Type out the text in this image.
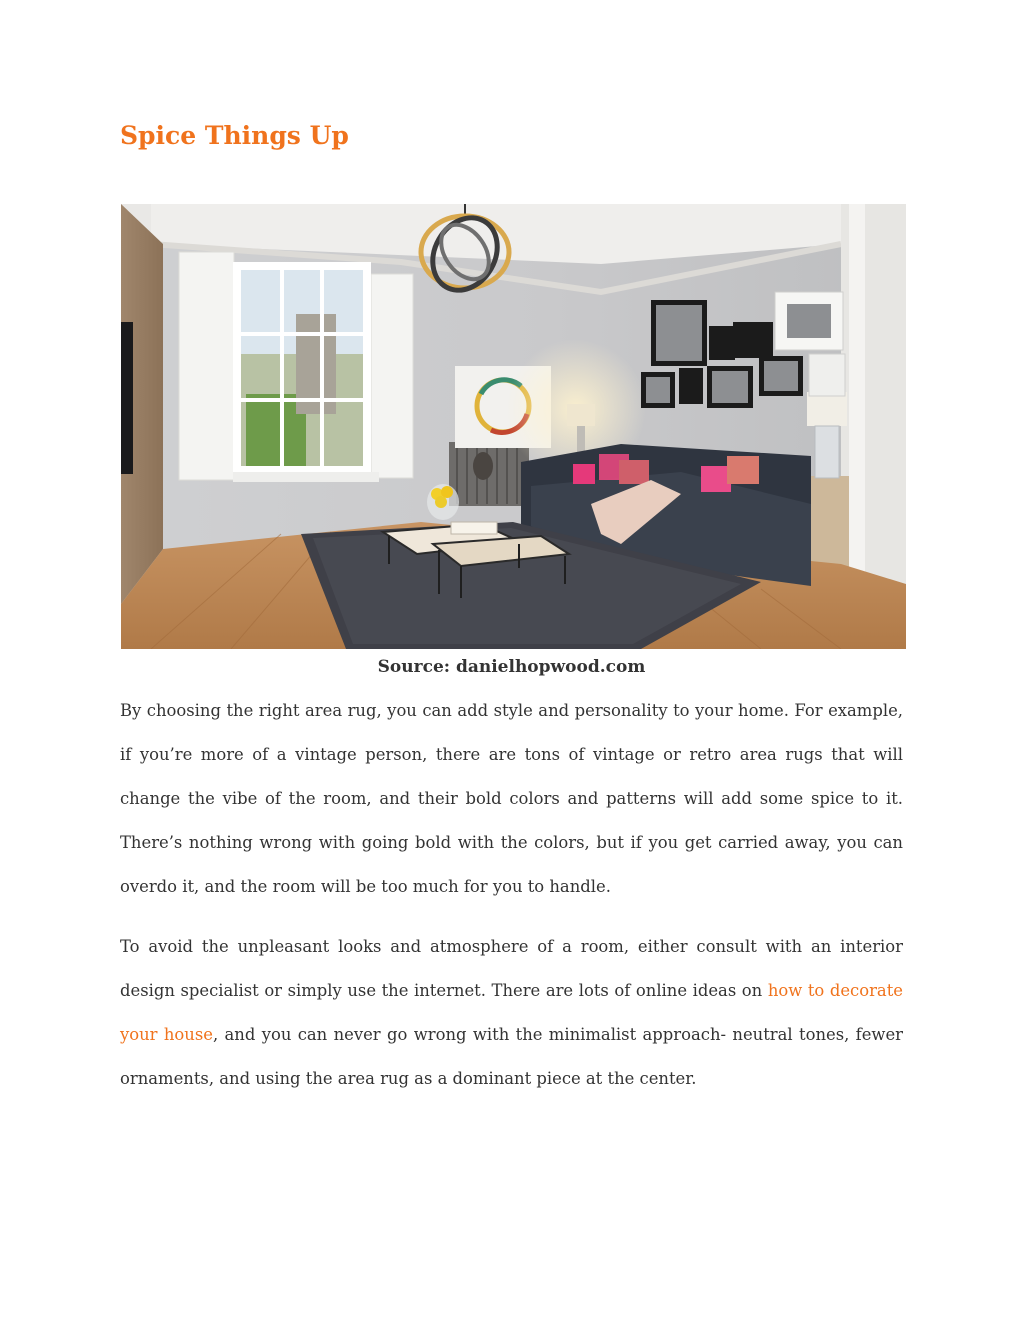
Spice Things Up
Source: danielhopwood.com

By choosing the right area rug, you can add style and personality to your home. For example, if you’re more of a vintage person, there are tons of vintage or retro area rugs that will change the vibe of the room, and their bold colors and patterns will add some spice to it. There’s nothing wrong with going bold with the colors, but if you get carried away, you can overdo it, and the room will be too much for you to handle.

To avoid the unpleasant looks and atmosphere of a room, either consult with an interior design specialist or simply use the internet. There are lots of online ideas on how to decorate your house, and you can never go wrong with the minimalist approach- neutral tones, fewer ornaments, and using the area rug as a dominant piece at the center.
